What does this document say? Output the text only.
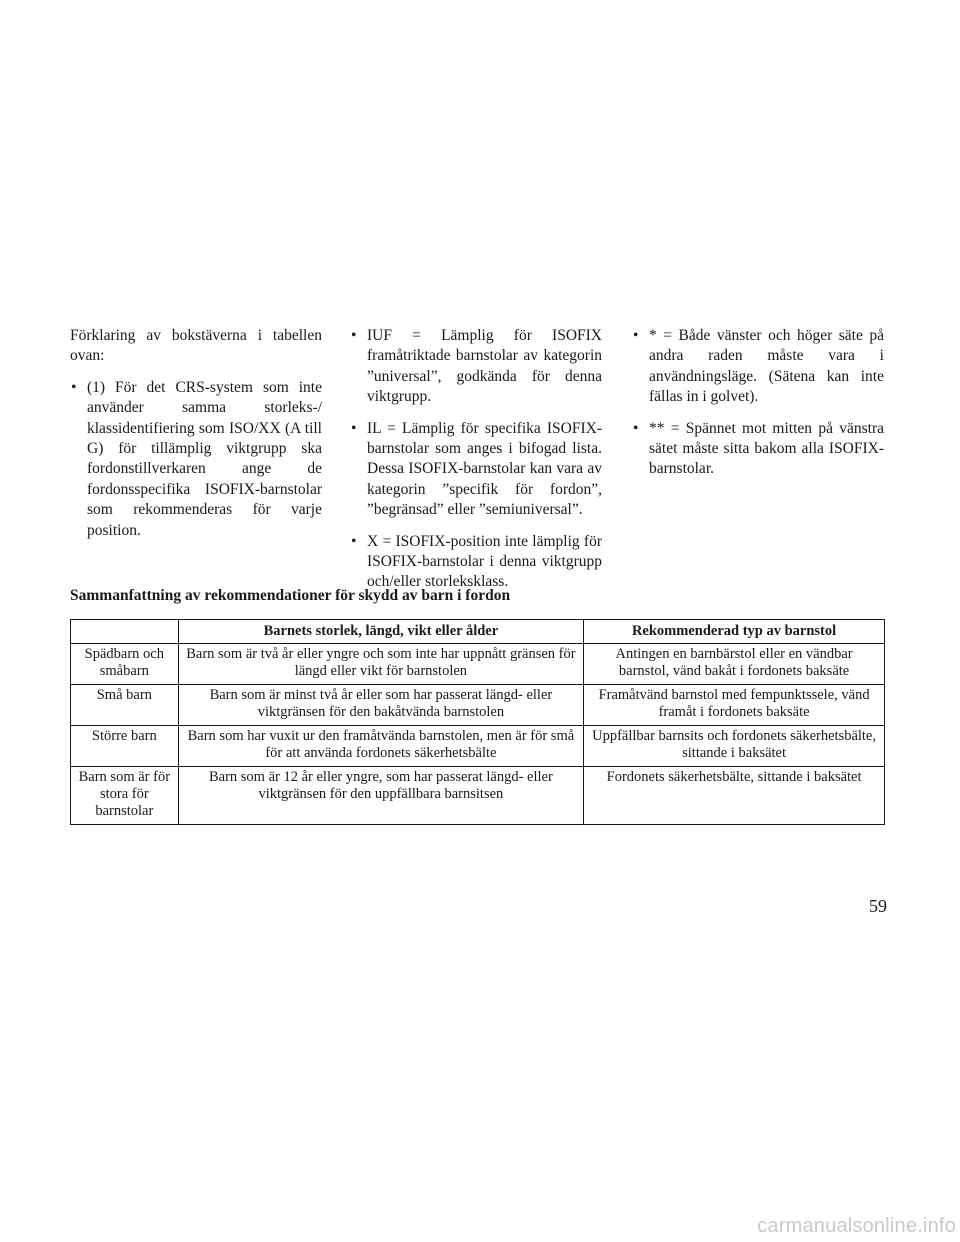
Förklaring av bokstäverna i tabellen ovan:

• (1) För det CRS-system som inte använder samma storleks-/ klassidentifiering som ISO/XX (A till G) för tillämplig viktgrupp ska fordonstillverkaren ange de fordonsspecifika ISOFIX-barnstolar som rekommenderas för varje position.
• IUF = Lämplig för ISOFIX framåtriktade barnstolar av kategorin ”universal”, godkända för denna viktgrupp.
• IL = Lämplig för specifika ISOFIX-barnstolar som anges i bifogad lista. Dessa ISOFIX-barnstolar kan vara av kategorin ”specifik för fordon”, ”begränsad” eller ”semiuniversal”.
• X = ISOFIX-position inte lämplig för ISOFIX-barnstolar i denna viktgrupp och/eller storleksklass.
• * = Både vänster och höger säte på andra raden måste vara i användningsläge. (Sätena kan inte fällas in i golvet).
• ** = Spännet mot mitten på vänstra sätet måste sitta bakom alla ISOFIX-barnstolar.
Sammanfattning av rekommendationer för skydd av barn i fordon
	Barnets storlek, längd, vikt eller ålder	Rekommenderad typ av barnstol
Spädbarn och småbarn	Barn som är två år eller yngre och som inte har uppnått gränsen för längd eller vikt för barnstolen	Antingen en barnbärstol eller en vändbar barnstol, vänd bakåt i fordonets baksäte
Små barn	Barn som är minst två år eller som har passerat längd- eller viktgränsen för den bakåtvända barnstolen	Framåtvänd barnstol med fempunktssele, vänd framåt i fordonets baksäte
Större barn	Barn som har vuxit ur den framåtvända barnstolen, men är för små för att använda fordonets säkerhetsbälte	Uppfällbar barnsits och fordonets säkerhetsbälte, sittande i baksätet
Barn som är för stora för barnstolar	Barn som är 12 år eller yngre, som har passerat längd- eller viktgränsen för den uppfällbara barnsitsen	Fordonets säkerhetsbälte, sittande i baksätet
59
carmanualsonline.info
